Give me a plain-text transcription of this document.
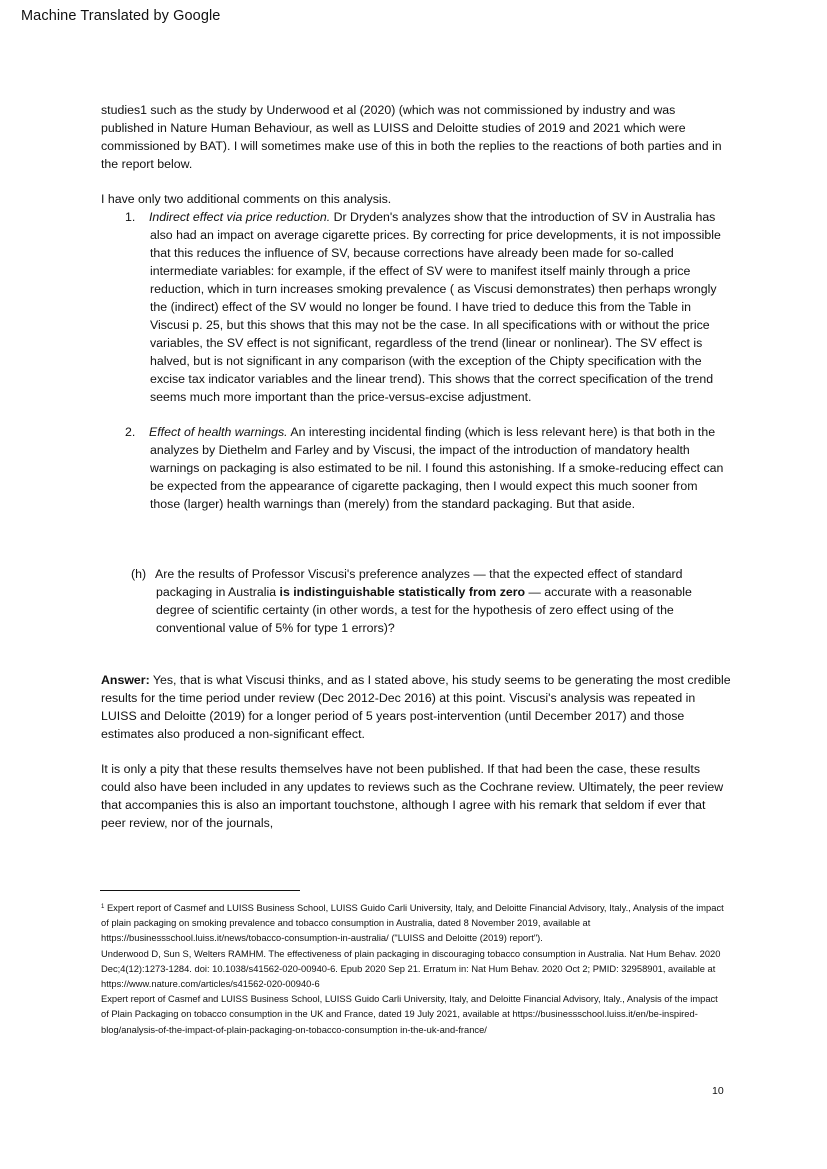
Machine Translated by Google

studies1 such as the study by Underwood et al (2020) (which was not commissioned by industry and was published in Nature Human Behaviour, as well as LUISS and Deloitte studies of 2019 and 2021 which were commissioned by BAT). I will sometimes make use of this in both the replies to the reactions of both parties and in the report below.

I have only two additional comments on this analysis.

1. Indirect effect via price reduction. Dr Dryden's analyzes show that the introduction of SV in Australia has also had an impact on average cigarette prices. By correcting for price developments, it is not impossible that this reduces the influence of SV, because corrections have already been made for so-called intermediate variables: for example, if the effect of SV were to manifest itself mainly through a price reduction, which in turn increases smoking prevalence ( as Viscusi demonstrates) then perhaps wrongly the (indirect) effect of the SV would no longer be found. I have tried to deduce this from the Table in Viscusi p. 25, but this shows that this may not be the case. In all specifications with or without the price variables, the SV effect is not significant, regardless of the trend (linear or nonlinear). The SV effect is halved, but is not significant in any comparison (with the exception of the Chipty specification with the excise tax indicator variables and the linear trend). This shows that the correct specification of the trend seems much more important than the price-versus-excise adjustment.
2. Effect of health warnings. An interesting incidental finding (which is less relevant here) is that both in the analyzes by Diethelm and Farley and by Viscusi, the impact of the introduction of mandatory health warnings on packaging is also estimated to be nil. I found this astonishing. If a smoke-reducing effect can be expected from the appearance of cigarette packaging, then I would expect this much sooner from those (larger) health warnings than (merely) from the standard packaging. But that aside.
(h) Are the results of Professor Viscusi's preference analyzes — that the expected effect of standard packaging in Australia is indistinguishable statistically from zero — accurate with a reasonable degree of scientific certainty (in other words, a test for the hypothesis of zero effect using of the conventional value of 5% for type 1 errors)?

Answer: Yes, that is what Viscusi thinks, and as I stated above, his study seems to be generating the most credible results for the time period under review (Dec 2012-Dec 2016) at this point. Viscusi's analysis was repeated in LUISS and Deloitte (2019) for a longer period of 5 years post-intervention (until December 2017) and those estimates also produced a non-significant effect.

It is only a pity that these results themselves have not been published. If that had been the case, these results could also have been included in any updates to reviews such as the Cochrane review. Ultimately, the peer review that accompanies this is also an important touchstone, although I agree with his remark that seldom if ever that peer review, nor of the journals,

$^1$ Expert report of Casmef and LUISS Business School, LUISS Guido Carli University, Italy, and Deloitte Financial Advisory, Italy., Analysis of the impact of plain packaging on smoking prevalence and tobacco consumption in Australia, dated 8 November 2019, available at https://businessschool.luiss.it/news/tobacco-consumption-in-australia/ ("LUISS and Deloitte (2019) report").

Underwood D, Sun S, Welters RAMHM. The effectiveness of plain packaging in discouraging tobacco consumption in Australia. Nat Hum Behav. 2020 Dec;4(12):1273-1284. doi: 10.1038/s41562-020-00940-6. Epub 2020 Sep 21. Erratum in: Nat Hum Behav. 2020 Oct 2; PMID: 32958901, available at https://www.nature.com/articles/s41562-020-00940-6

Expert report of Casmef and LUISS Business School, LUISS Guido Carli University, Italy, and Deloitte Financial Advisory, Italy., Analysis of the impact of Plain Packaging on tobacco consumption in the UK and France, dated 19 July 2021, available at https://businessschool.luiss.it/en/be-inspired-blog/analysis-of-the-impact-of-plain-packaging-on-tobacco-consumption in-the-uk-and-france/

10
